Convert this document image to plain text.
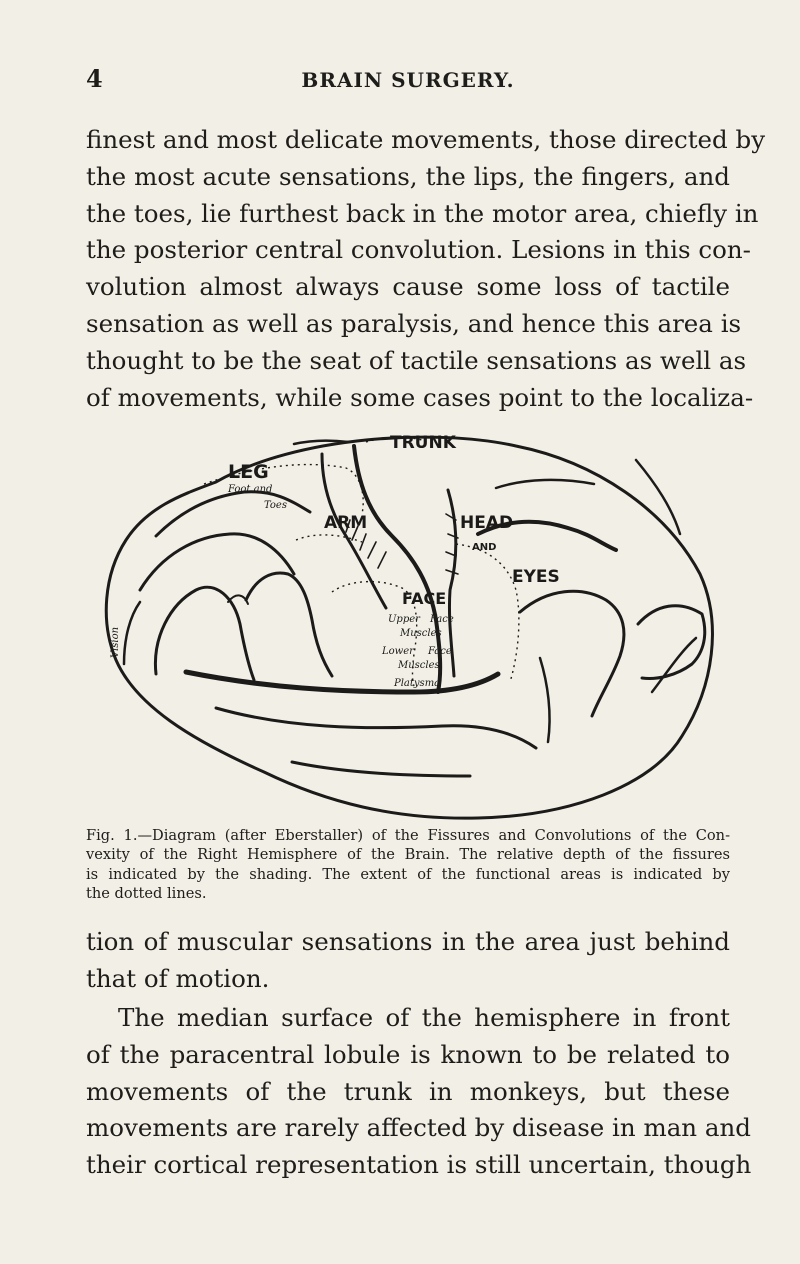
4	BRAIN SURGERY.
finest and most delicate movements, those directed by
the most acute sensations, the lips, the fingers, and
the toes, lie furthest back in the motor area, chiefly in
the posterior central convolution. Lesions in this con-
volution almost always cause some loss of tactile
sensation as well as paralysis, and hence this area is
thought to be the seat of tactile sensations as well as
of movements, while some cases point to the localiza-
TRUNK
LEG
Foot and
Toes
ARM	HEAD
AND
EYES
FACE
Upper Face
Muscles
Lower Face
Muscles
Platysma
Vision
Fig. 1.—Diagram (after Eberstaller) of the Fissures and Convolutions of the Con-
vexity of the Right Hemisphere of the Brain. The relative depth of the fissures
is indicated by the shading. The extent of the functional areas is indicated by
the dotted lines.
tion of muscular sensations in the area just behind
that of motion.
The median surface of the hemisphere in front
of the paracentral lobule is known to be related to
movements of the trunk in monkeys, but these
movements are rarely affected by disease in man and
their cortical representation is still uncertain, though
